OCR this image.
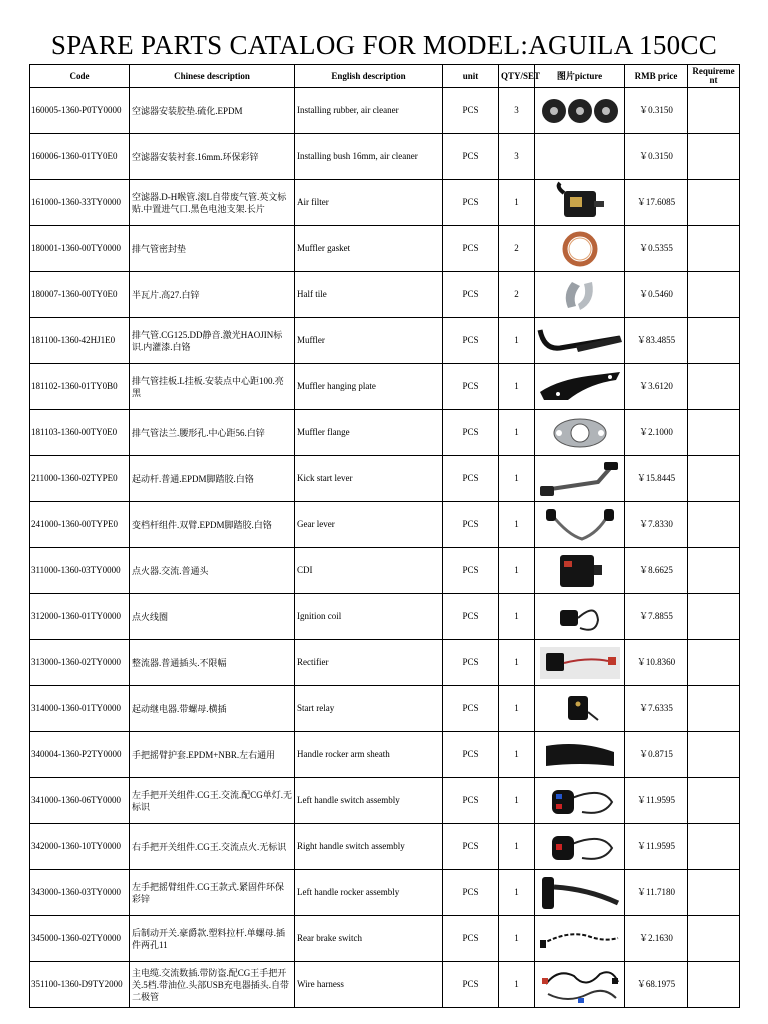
SPARE PARTS CATALOG FOR MODEL:AGUILA 150CC
Code	Chinese description	English description	unit	QTY/SET	图片picture	RMB price	Requirement
160005-1360-P0TY0000	空滤器安装胶垫.硫化.EPDM	Installing rubber, air cleaner	PCS	3		￥0.3150	
160006-1360-01TY0E0	空滤器安装衬套.16mm.环保彩锌	Installing bush 16mm, air cleaner	PCS	3		￥0.3150	
161000-1360-33TY0000	空滤器.D-H喉管.滚L自带废气管.英文标贴.中置进气口.黑色电池支架.长片	Air filter	PCS	1		￥17.6085	
180001-1360-00TY0000	排气管密封垫	Muffler gasket	PCS	2		￥0.5355	
180007-1360-00TY0E0	半瓦片.高27.白锌	Half tile	PCS	2		￥0.5460	
181100-1360-42HJ1E0	排气管.CG125.DD静音.激光HAOJIN标识.内灌漆.白铬	Muffler	PCS	1		￥83.4855	
181102-1360-01TY0B0	排气管挂板.L挂板.安装点中心距100.亮黑	Muffler hanging plate	PCS	1		￥3.6120	
181103-1360-00TY0E0	排气管法兰.腰形孔.中心距56.白锌	Muffler flange	PCS	1		￥2.1000	
211000-1360-02TYPE0	起动杆.普通.EPDM脚踏胶.白铬	Kick start lever	PCS	1		￥15.8445	
241000-1360-00TYPE0	变档杆组件.双臂.EPDM脚踏胶.白铬	Gear lever	PCS	1		￥7.8330	
311000-1360-03TY0000	点火器.交流.普通头	CDI	PCS	1		￥8.6625	
312000-1360-01TY0000	点火线圈	Ignition coil	PCS	1		￥7.8855	
313000-1360-02TY0000	整流器.普通插头.不限幅	Rectifier	PCS	1		￥10.8360	
314000-1360-01TY0000	起动继电器.带螺母.横插	Start relay	PCS	1		￥7.6335	
340004-1360-P2TY0000	手把摇臂护套.EPDM+NBR.左右通用	Handle rocker arm sheath	PCS	1		￥0.8715	
341000-1360-06TY0000	左手把开关组件.CG王.交流.配CG单灯.无标识	Left handle switch assembly	PCS	1		￥11.9595	
342000-1360-10TY0000	右手把开关组件.CG王.交流点火.无标识	Right handle switch assembly	PCS	1		￥11.9595	
343000-1360-03TY0000	左手把摇臂组件.CG王款式.紧固件环保彩锌	Left handle rocker assembly	PCS	1		￥11.7180	
345000-1360-02TY0000	后制动开关.豪爵款.塑料拉杆.单螺母.插件两孔11	Rear brake switch	PCS	1		￥2.1630	
351100-1360-D9TY2000	主电缆.交流数插.带防盗.配CG王手把开关.5档.带油位.头部USB充电器插头.自带二极管	Wire harness	PCS	1		￥68.1975	
